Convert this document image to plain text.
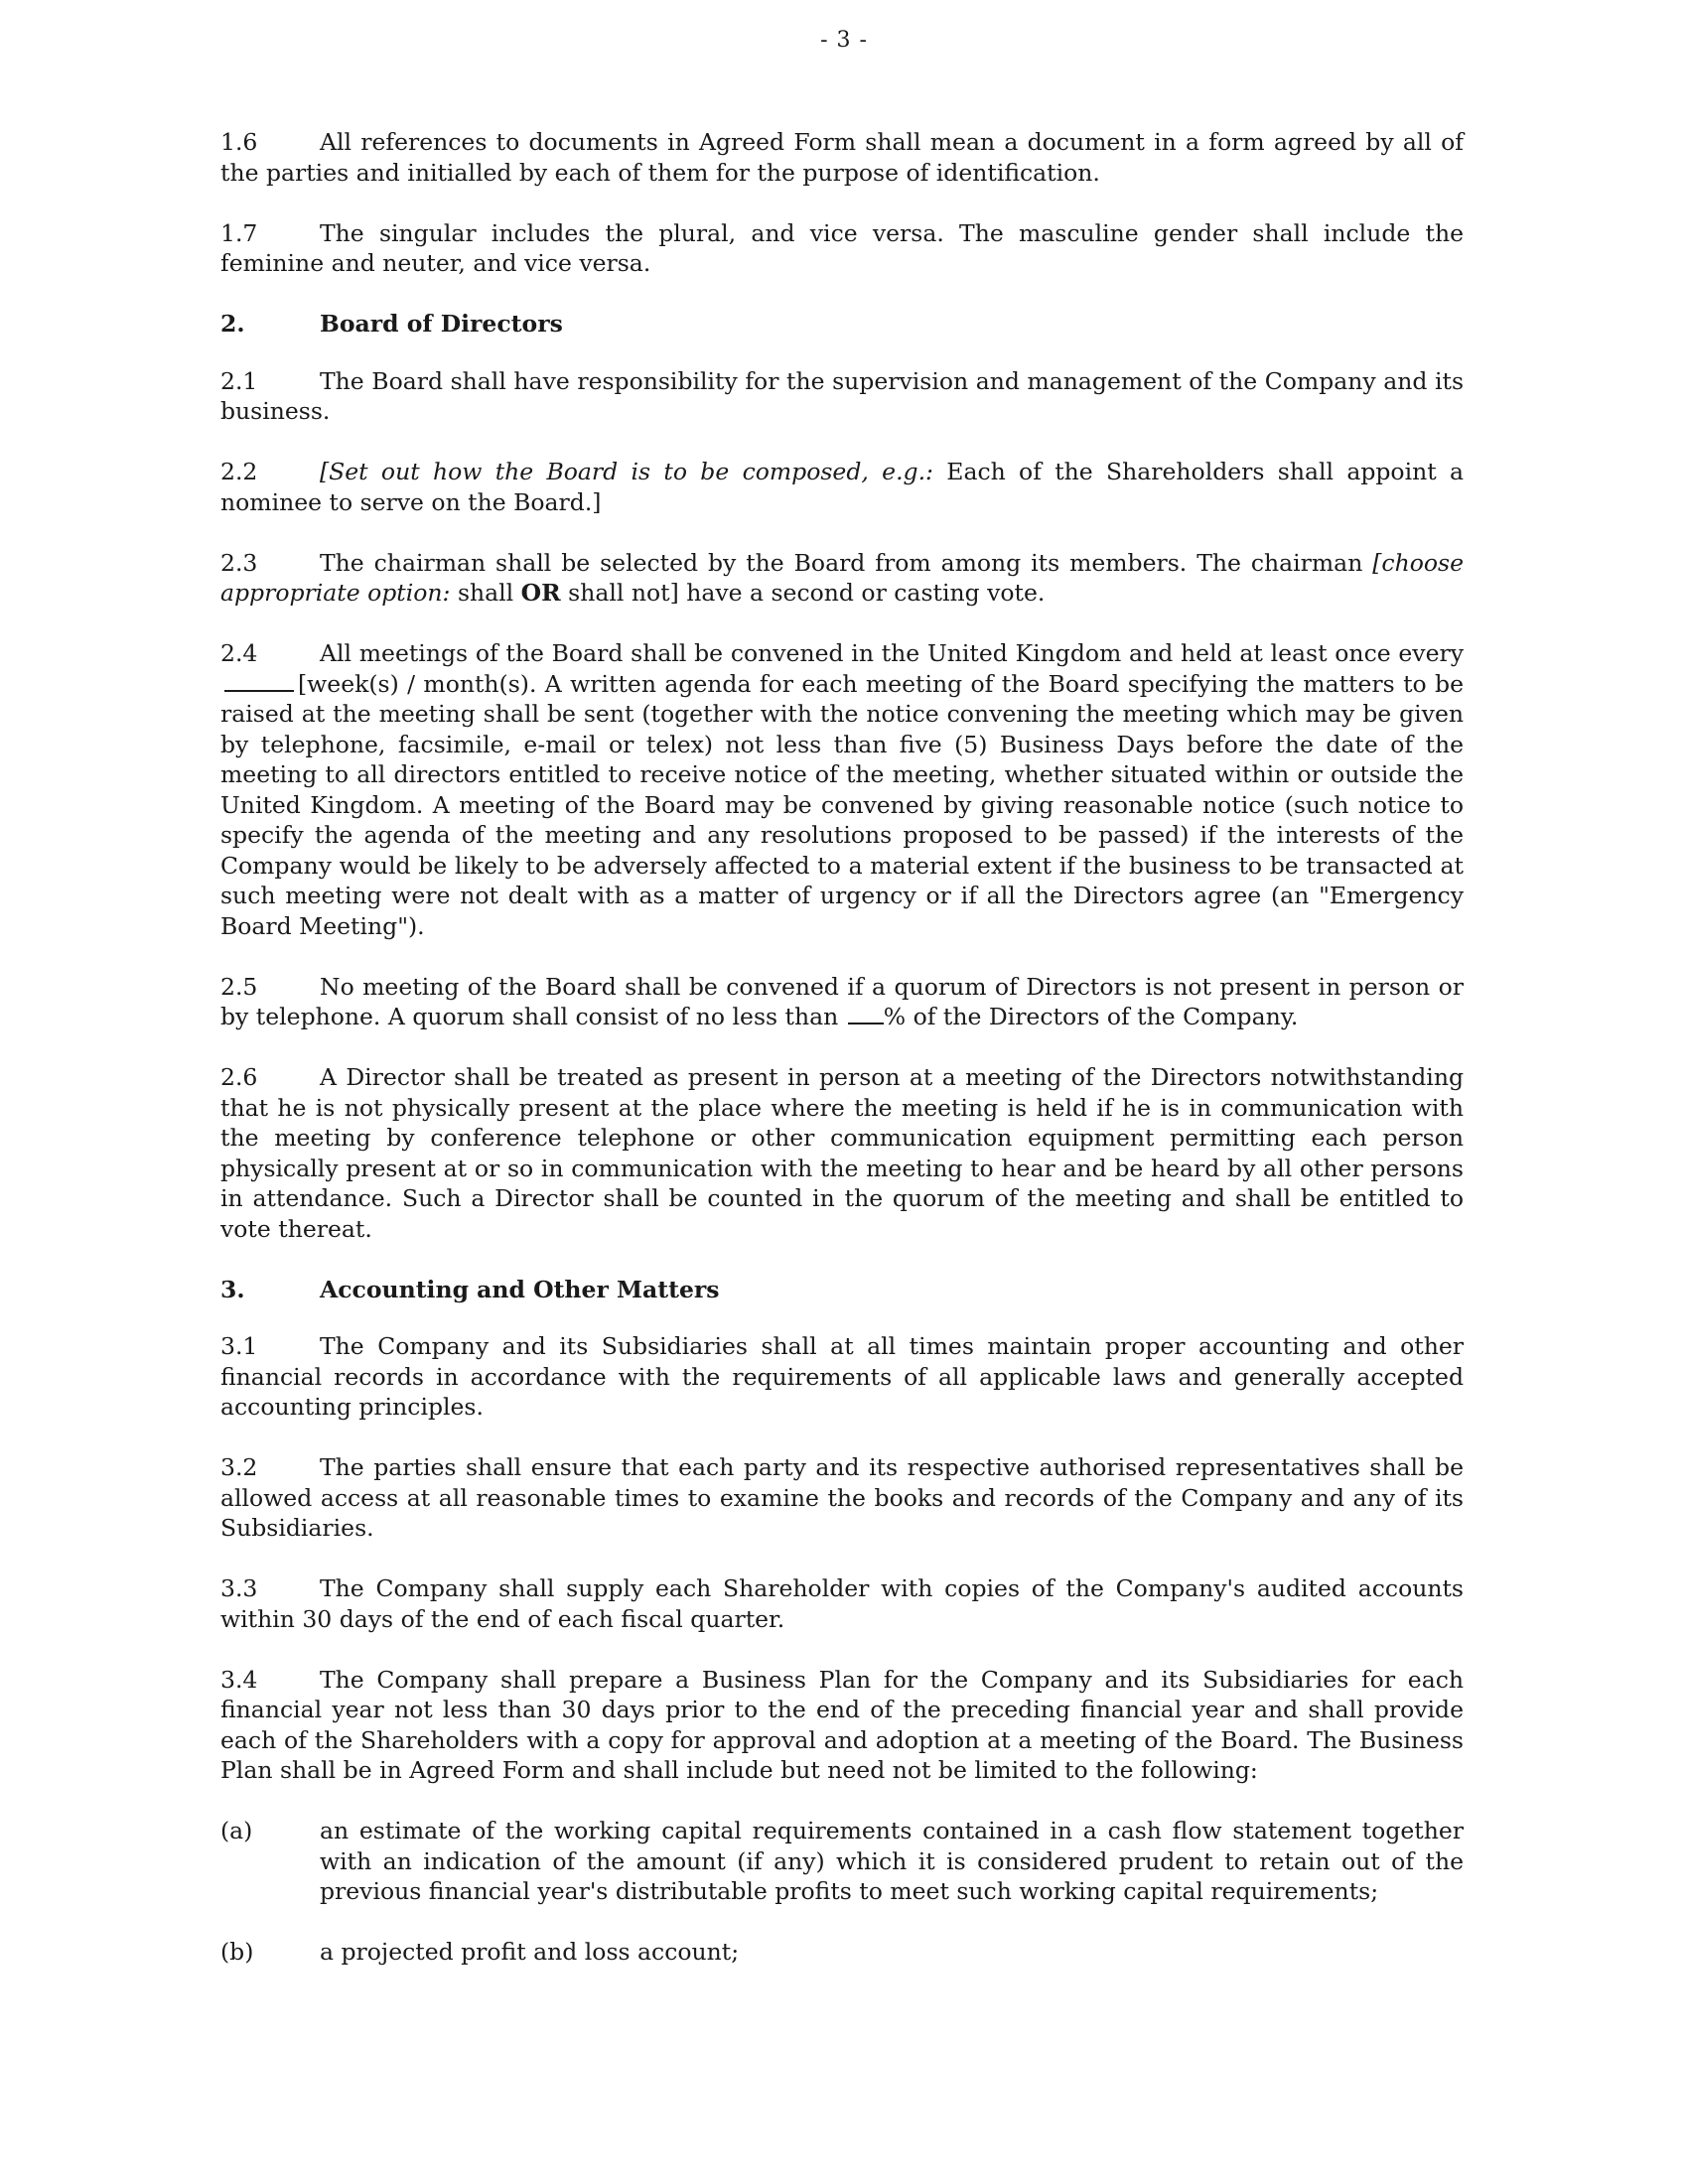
- 3 -

1.6	All references to documents in Agreed Form shall mean a document in a form agreed by all of the parties and initialled by each of them for the purpose of identification.

1.7	The singular includes the plural, and vice versa. The masculine gender shall include the feminine and neuter, and vice versa.

2.	Board of Directors

2.1	The Board shall have responsibility for the supervision and management of the Company and its business.

2.2	[Set out how the Board is to be composed, e.g.: Each of the Shareholders shall appoint a nominee to serve on the Board.]

2.3	The chairman shall be selected by the Board from among its members. The chairman [choose appropriate option: shall OR shall not] have a second or casting vote.

2.4	All meetings of the Board shall be convened in the United Kingdom and held at least once every[week(s) / month(s). A written agenda for each meeting of the Board specifying the matters to be raised at the meeting shall be sent (together with the notice convening the meeting which may be given by telephone, facsimile, e-mail or telex) not less than five (5) Business Days before the date of the meeting to all directors entitled to receive notice of the meeting, whether situated within or outside the United Kingdom. A meeting of the Board may be convened by giving reasonable notice (such notice to specify the agenda of the meeting and any resolutions proposed to be passed) if the interests of the Company would be likely to be adversely affected to a material extent if the business to be transacted at such meeting were not dealt with as a matter of urgency or if all the Directors agree (an "Emergency Board Meeting").

2.5	No meeting of the Board shall be convened if a quorum of Directors is not present in person or by telephone. A quorum shall consist of no less than % of the Directors of the Company.

2.6	A Director shall be treated as present in person at a meeting of the Directors notwithstanding that he is not physically present at the place where the meeting is held if he is in communication with the meeting by conference telephone or other communication equipment permitting each person physically present at or so in communication with the meeting to hear and be heard by all other persons in attendance. Such a Director shall be counted in the quorum of the meeting and shall be entitled to vote thereat.

3.	Accounting and Other Matters

3.1	The Company and its Subsidiaries shall at all times maintain proper accounting and other financial records in accordance with the requirements of all applicable laws and generally accepted accounting principles.

3.2	The parties shall ensure that each party and its respective authorised representatives shall be allowed access at all reasonable times to examine the books and records of the Company and any of its Subsidiaries.

3.3	The Company shall supply each Shareholder with copies of the Company's audited accounts within 30 days of the end of each fiscal quarter.

3.4	The Company shall prepare a Business Plan for the Company and its Subsidiaries for each financial year not less than 30 days prior to the end of the preceding financial year and shall provide each of the Shareholders with a copy for approval and adoption at a meeting of the Board. The Business Plan shall be in Agreed Form and shall include but need not be limited to the following:

(a)	an estimate of the working capital requirements contained in a cash flow statement together with an indication of the amount (if any) which it is considered prudent to retain out of the previous financial year's distributable profits to meet such working capital requirements;
(b)	a projected profit and loss account;
